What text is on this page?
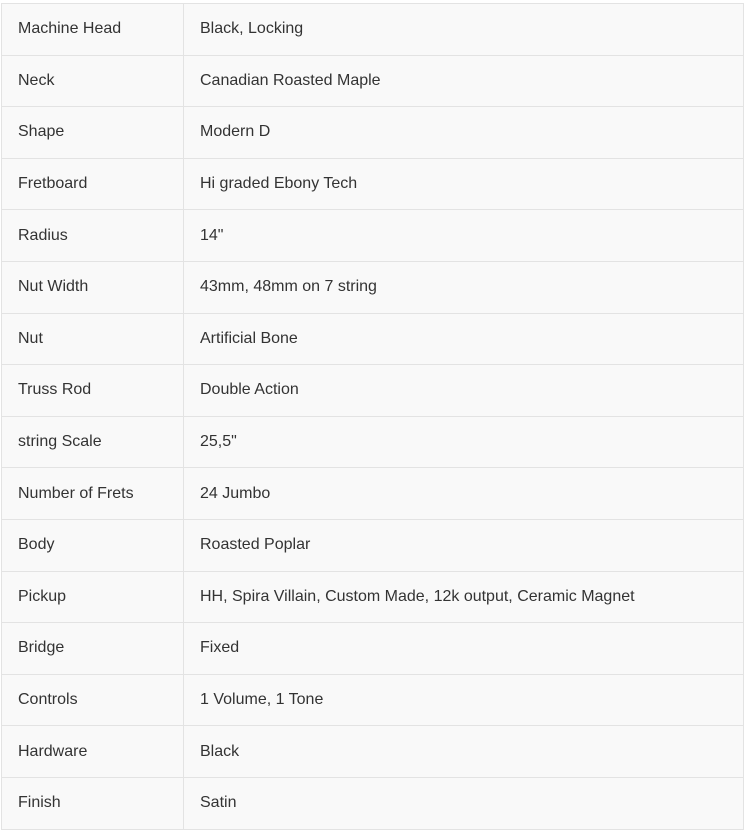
Machine Head	Black, Locking
Neck	Canadian Roasted Maple
Shape	Modern D
Fretboard	Hi graded Ebony Tech
Radius	14"
Nut Width	43mm, 48mm on 7 string
Nut	Artificial Bone
Truss Rod	Double Action
string Scale	25,5"
Number of Frets	24 Jumbo
Body	Roasted Poplar
Pickup	HH, Spira Villain, Custom Made, 12k output, Ceramic Magnet
Bridge	Fixed
Controls	1 Volume, 1 Tone
Hardware	Black
Finish	Satin
